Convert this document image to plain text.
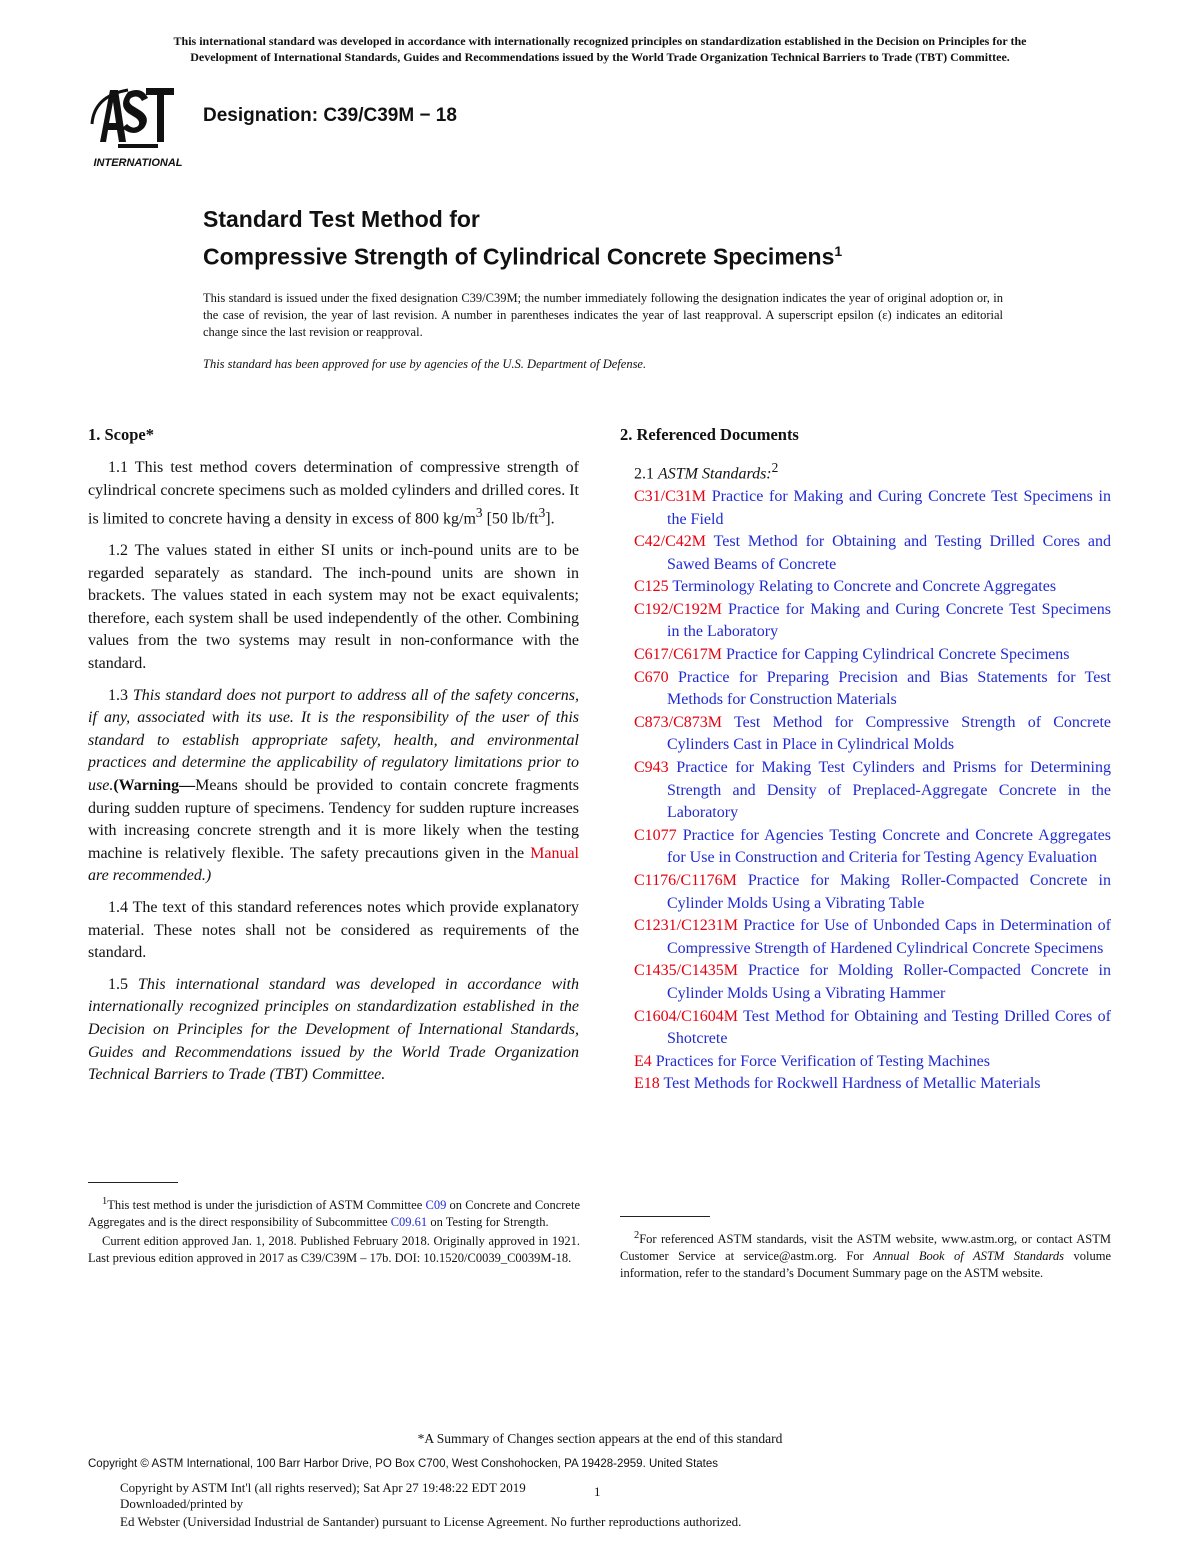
This international standard was developed in accordance with internationally recognized principles on standardization established in the Decision on Principles for the
Development of International Standards, Guides and Recommendations issued by the World Trade Organization Technical Barriers to Trade (TBT) Committee.
INTERNATIONAL
Designation: C39/C39M − 18
Standard Test Method for
Compressive Strength of Cylindrical Concrete Specimens$^1$
This standard is issued under the fixed designation C39/C39M; the number immediately following the designation indicates the year of original adoption or, in the case of revision, the year of last revision. A number in parentheses indicates the year of last reapproval. A superscript epsilon (ε) indicates an editorial change since the last revision or reapproval.
This standard has been approved for use by agencies of the U.S. Department of Defense.
1. Scope*

1.1 This test method covers determination of compressive strength of cylindrical concrete specimens such as molded cylinders and drilled cores. It is limited to concrete having a density in excess of 800 $kg/m^3$ [50 $lb/ft^3$].

1.2 The values stated in either SI units or inch-pound units are to be regarded separately as standard. The inch-pound units are shown in brackets. The values stated in each system may not be exact equivalents; therefore, each system shall be used independently of the other. Combining values from the two systems may result in non-conformance with the standard.

1.3 This standard does not purport to address all of the safety concerns, if any, associated with its use. It is the responsibility of the user of this standard to establish appropriate safety, health, and environmental practices and determine the applicability of regulatory limitations prior to use.(Warning—Means should be provided to contain concrete fragments during sudden rupture of specimens. Tendency for sudden rupture increases with increasing concrete strength and it is more likely when the testing machine is relatively flexible. The safety precautions given in the Manual are recommended.)

1.4 The text of this standard references notes which provide explanatory material. These notes shall not be considered as requirements of the standard.

1.5 This international standard was developed in accordance with internationally recognized principles on standardization established in the Decision on Principles for the Development of International Standards, Guides and Recommendations issued by the World Trade Organization Technical Barriers to Trade (TBT) Committee.

2. Referenced Documents
2.1 ASTM Standards:$^2$
C31/C31M Practice for Making and Curing Concrete Test Specimens in the Field
C42/C42M Test Method for Obtaining and Testing Drilled Cores and Sawed Beams of Concrete
C125 Terminology Relating to Concrete and Concrete Aggregates
C192/C192M Practice for Making and Curing Concrete Test Specimens in the Laboratory
C617/C617M Practice for Capping Cylindrical Concrete Specimens
C670 Practice for Preparing Precision and Bias Statements for Test Methods for Construction Materials
C873/C873M Test Method for Compressive Strength of Concrete Cylinders Cast in Place in Cylindrical Molds
C943 Practice for Making Test Cylinders and Prisms for Determining Strength and Density of Preplaced-Aggregate Concrete in the Laboratory
C1077 Practice for Agencies Testing Concrete and Concrete Aggregates for Use in Construction and Criteria for Testing Agency Evaluation
C1176/C1176M Practice for Making Roller-Compacted Concrete in Cylinder Molds Using a Vibrating Table
C1231/C1231M Practice for Use of Unbonded Caps in Determination of Compressive Strength of Hardened Cylindrical Concrete Specimens
C1435/C1435M Practice for Molding Roller-Compacted Concrete in Cylinder Molds Using a Vibrating Hammer
C1604/C1604M Test Method for Obtaining and Testing Drilled Cores of Shotcrete
E4 Practices for Force Verification of Testing Machines
E18 Test Methods for Rockwell Hardness of Metallic Materials

$^1$This test method is under the jurisdiction of ASTM Committee C09 on Concrete and Concrete Aggregates and is the direct responsibility of Subcommittee C09.61 on Testing for Strength.

Current edition approved Jan. 1, 2018. Published February 2018. Originally approved in 1921. Last previous edition approved in 2017 as C39/C39M – 17b. DOI: 10.1520/C0039_C0039M-18.

$^2$For referenced ASTM standards, visit the ASTM website, www.astm.org, or contact ASTM Customer Service at service@astm.org. For Annual Book of ASTM Standards volume information, refer to the standard’s Document Summary page on the ASTM website.

*A Summary of Changes section appears at the end of this standard
Copyright © ASTM International, 100 Barr Harbor Drive, PO Box C700, West Conshohocken, PA 19428-2959. United States
Copyright by ASTM Int'l (all rights reserved); Sat Apr 27 19:48:22 EDT 2019	1
Downloaded/printed by
Ed Webster (Universidad Industrial de Santander) pursuant to License Agreement. No further reproductions authorized.
